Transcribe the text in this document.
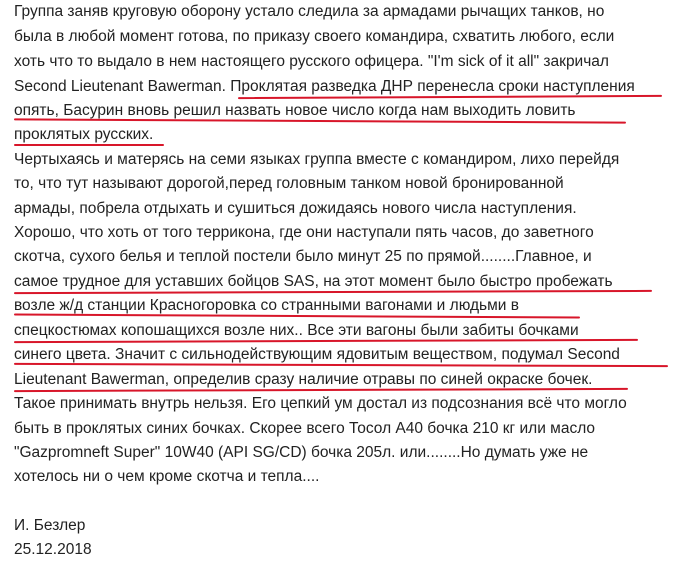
Группа заняв круговую оборону устало следила за армадами рычащих танков, но
была в любой момент готова, по приказу своего командира, схватить любого, если
хоть что то выдало в нем настоящего русского офицера. "I'm sick of it all" закричал
Second Lieutenant Bawerman. Проклятая разведка ДНР перенесла сроки наступления
опять, Басурин вновь решил назвать новое число когда нам выходить ловить
проклятых русских.
Чертыхаясь и матерясь на семи языках группа вместе с командиром, лихо перейдя
то, что тут называют дорогой,перед головным танком новой бронированной
армады, побрела отдыхать и сушиться дожидаясь нового числа наступления.
Хорошо, что хоть от того терриконa, где они наступали пять часов, до заветного
скотча, сухого белья и теплой постели было минут 25 по прямой........Главное, и
самое трудное для уставших бойцов SAS, на этот момент было быстро пробежать
возле ж/д станции Красногоровка со странными вагонами и людьми в
спецкостюмах копошащихся возле них.. Все эти вагоны были забиты бочками
синего цвета. Значит с сильнодействующим ядовитым веществом, подумал Second
Lieutenant Bawerman, определив сразу наличие отравы по синей окраске бочек.
Такое принимать внутрь нельзя. Его цепкий ум достал из подсознания всё что могло
быть в проклятых синих бочках. Скорее всего Тосол А40 бочка 210 кг или масло
"Gazpromneft Super" 10W40 (API SG/CD) бочка 205л. или........Но думать уже не
хотелось ни о чем кроме скотча и тепла....
И. Безлер
25.12.2018
